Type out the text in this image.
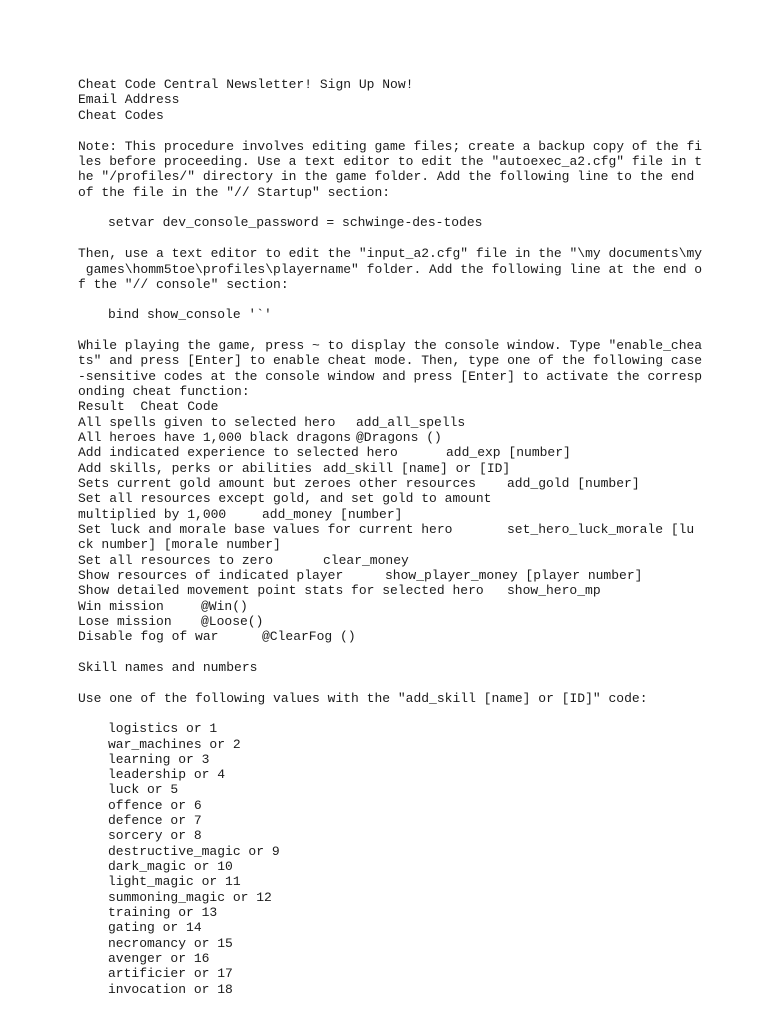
Cheat Code Central Newsletter! Sign Up Now!
Email Address
Cheat Codes
Note: This procedure involves editing game files; create a backup copy of the fi
les before proceeding. Use a text editor to edit the "autoexec_a2.cfg" file in t
he "/profiles/" directory in the game folder. Add the following line to the end
of the file in the "// Startup" section:
setvar dev_console_password = schwinge-des-todes
Then, use a text editor to edit the "input_a2.cfg" file in the "\my documents\my
games\homm5toe\profiles\playername" folder. Add the following line at the end o
f the "// console" section:
bind show_console '`'
While playing the game, press ~ to display the console window. Type "enable_chea
ts" and press [Enter] to enable cheat mode. Then, type one of the following case
-sensitive codes at the console window and press [Enter] to activate the corresp
onding cheat function:
Result  Cheat Code
All spells given to selected hero add_all_spells
All heroes have 1,000 black dragons @Dragons ()
Add indicated experience to selected hero	add_exp [number]
Add skills, perks or abilities add_skill [name] or [ID]
Sets current gold amount but zeroes other resources add_gold [number]
Set all resources except gold, and set gold to amount
multiplied by 1,000	add_money [number]
Set luck and morale base values for current hero	set_hero_luck_morale [lu
ck number] [morale number]
Set all resources to zero	clear_money
Show resources of indicated player	show_player_money [player number]
Show detailed movement point stats for selected hero show_hero_mp
Win mission	@Win()
Lose mission @Loose()
Disable fog of war	@ClearFog ()
Skill names and numbers
Use one of the following values with the "add_skill [name] or [ID]" code:
logistics or 1
war_machines or 2
learning or 3
leadership or 4
luck or 5
offence or 6
defence or 7
sorcery or 8
destructive_magic or 9
dark_magic or 10
light_magic or 11
summoning_magic or 12
training or 13
gating or 14
necromancy or 15
avenger or 16
artificier or 17
invocation or 18
